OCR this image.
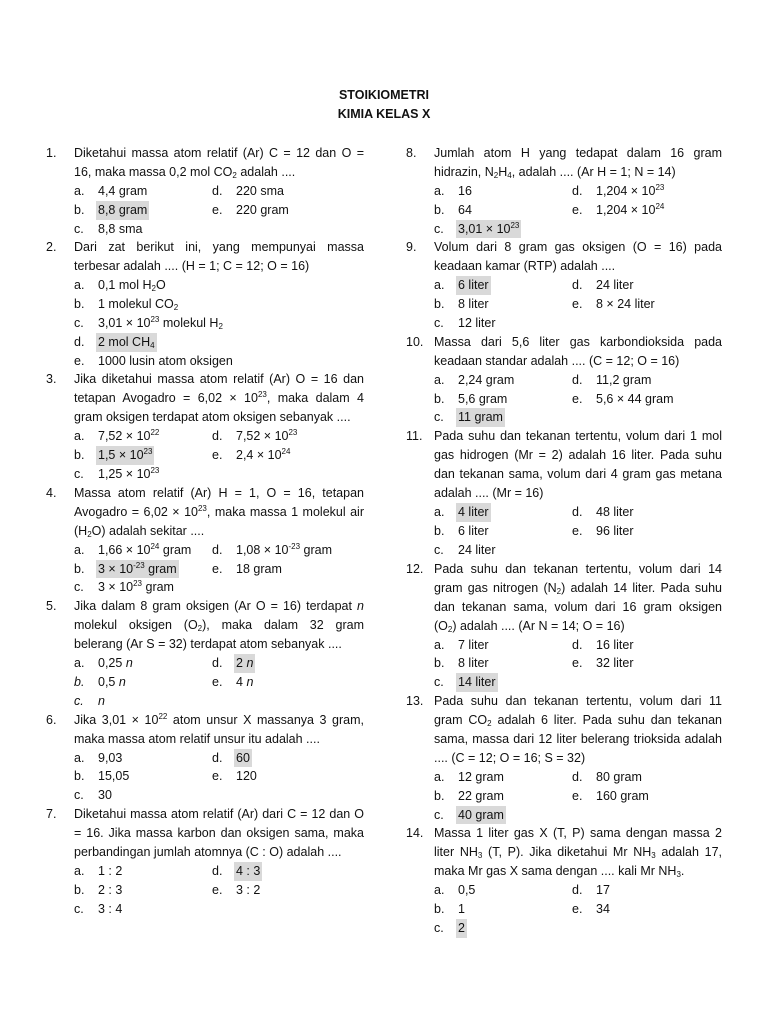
STOIKIOMETRI
KIMIA KELAS X
1.	Diketahui massa atom relatif (Ar) C = 12 dan O = 16, maka massa 0,2 mol $CO_2$ adalah ....
a.	4,4 gram	d.	220 sma
b.	8,8 gram	e.	220 gram
c.	8,8 sma
2.	Dari zat berikut ini, yang mempunyai massa terbesar adalah .... (H = 1; C = 12; O = 16)
a.	0,1 mol $H_2O$
b.	1 molekul $CO_2$
c.	$3,01 \times 10^{23}$ molekul $H_2$
d.	2 mol $CH_4$
e.	1000 lusin atom oksigen
3.	Jika diketahui massa atom relatif (Ar) O = 16 dan tetapan Avogadro = $6,02 \times 10^{23}$, maka dalam 4 gram oksigen terdapat atom oksigen sebanyak ....
a.	$7,52 \times 10^{22}$	d.	$7,52 \times 10^{23}$
b.	$1,5 \times 10^{23}$	e.	$2,4 \times 10^{24}$
c.	$1,25 \times 10^{23}$
4.	Massa atom relatif (Ar) H = 1, O = 16, tetapan Avogadro = $6,02 \times 10^{23}$, maka massa 1 molekul air $(H_2O)$ adalah sekitar ....
a.	$1,66 \times 10^{24}$ gram d.	$1,08 \times 10^{-23}$ gram
b.	$3 \times 10^{-23}$ gram	e.	18 gram
c.	$3 \times 10^{23}$ gram
5.	Jika dalam 8 gram oksigen (Ar O = 16) terdapat n molekul oksigen $(O_2)$, maka dalam 32 gram belerang (Ar S = 32) terdapat atom sebanyak ....
a.	0,25 n	d.	2 n
b.	0,5 n	e.	4 n
c.	n
6.	Jika $3,01 \times 10^{22}$ atom unsur X massanya 3 gram, maka massa atom relatif unsur itu adalah ....
a.	9,03	d.	60
b.	15,05	e.	120
c.	30
7.	Diketahui massa atom relatif (Ar) dari C = 12 dan O = 16. Jika massa karbon dan oksigen sama, maka perbandingan jumlah atomnya (C : O) adalah ....
a.	1 : 2	d.	4 : 3
b.	2 : 3	e.	3 : 2
c.	3 : 4
8.	Jumlah atom H yang tedapat dalam 16 gram hidrazin, $N_2H_4$, adalah .... (Ar H = 1; N = 14)
a.	16	d.	$1,204 \times 10^{23}$
b.	64	e.	$1,204 \times 10^{24}$
c.	$3,01 \times 10^{23}$
9.	Volum dari 8 gram gas oksigen (O = 16) pada keadaan kamar (RTP) adalah ....
a.	6 liter	d.	24 liter
b.	8 liter	e.	8 × 24 liter
c.	12 liter
10. Massa dari 5,6 liter gas karbondioksida pada keadaan standar adalah .... (C = 12; O = 16)
a.	2,24 gram	d.	11,2 gram
b.	5,6 gram	e.	5,6 × 44 gram
c.	11 gram
11. Pada suhu dan tekanan tertentu, volum dari 1 mol gas hidrogen (Mr = 2) adalah 16 liter. Pada suhu dan tekanan sama, volum dari 4 gram gas metana adalah .... (Mr = 16)
a.	4 liter	d.	48 liter
b.	6 liter	e.	96 liter
c.	24 liter
12. Pada suhu dan tekanan tertentu, volum dari 14 gram gas nitrogen $(N_2)$ adalah 14 liter. Pada suhu dan tekanan sama, volum dari 16 gram oksigen $(O_2)$ adalah .... (Ar N = 14; O = 16)
a.	7 liter	d.	16 liter
b.	8 liter	e.	32 liter
c.	14 liter
13. Pada suhu dan tekanan tertentu, volum dari 11 gram $CO_2$ adalah 6 liter. Pada suhu dan tekanan sama, massa dari 12 liter belerang trioksida adalah .... (C = 12; O = 16; S = 32)
a.	12 gram	d.	80 gram
b.	22 gram	e.	160 gram
c.	40 gram
14. Massa 1 liter gas X (T, P) sama dengan massa 2 liter $NH_3$ (T, P). Jika diketahui Mr $NH_3$ adalah 17, maka Mr gas X sama dengan .... kali Mr $NH_3$.
a.	0,5	d.	17
b.	1	e.	34
c.	2
